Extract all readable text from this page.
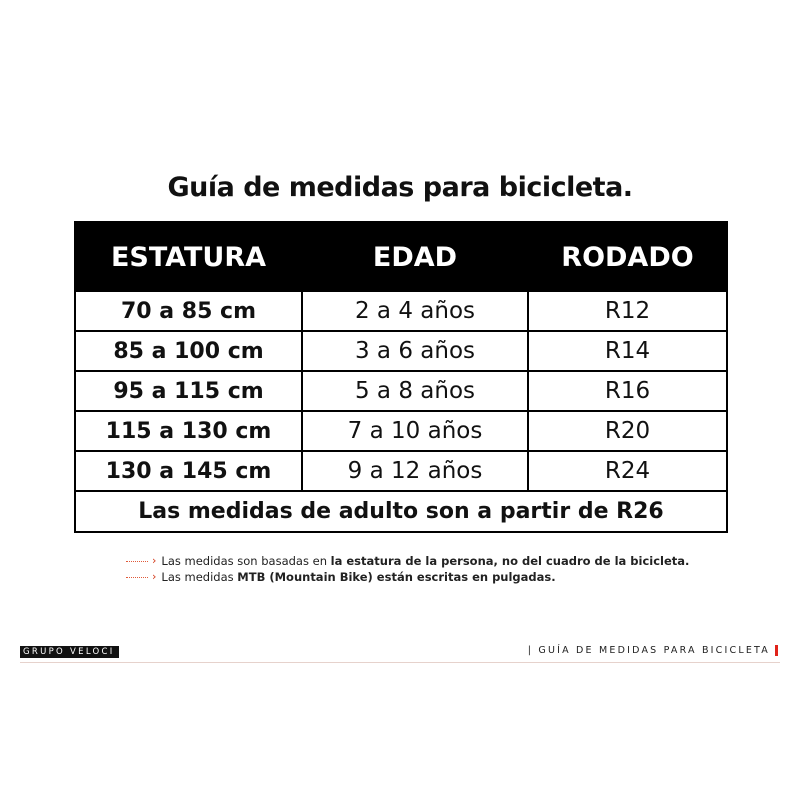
Guía de medidas para bicicleta.
ESTATURA	EDAD	RODADO
70 a 85 cm	2 a 4 años	R12
85 a 100 cm	3 a 6 años	R14
95 a 115 cm	5 a 8 años	R16
115 a 130 cm	7 a 10 años	R20
130 a 145 cm	9 a 12 años	R24
Las medidas de adulto son a partir de R26		
› Las medidas son basadas en la estatura de la persona, no del cuadro de la bicicleta.
› Las medidas MTB (Mountain Bike) están escritas en pulgadas.
GRUPO VELOCI	| GUÍA DE MEDIDAS PARA BICICLETA
